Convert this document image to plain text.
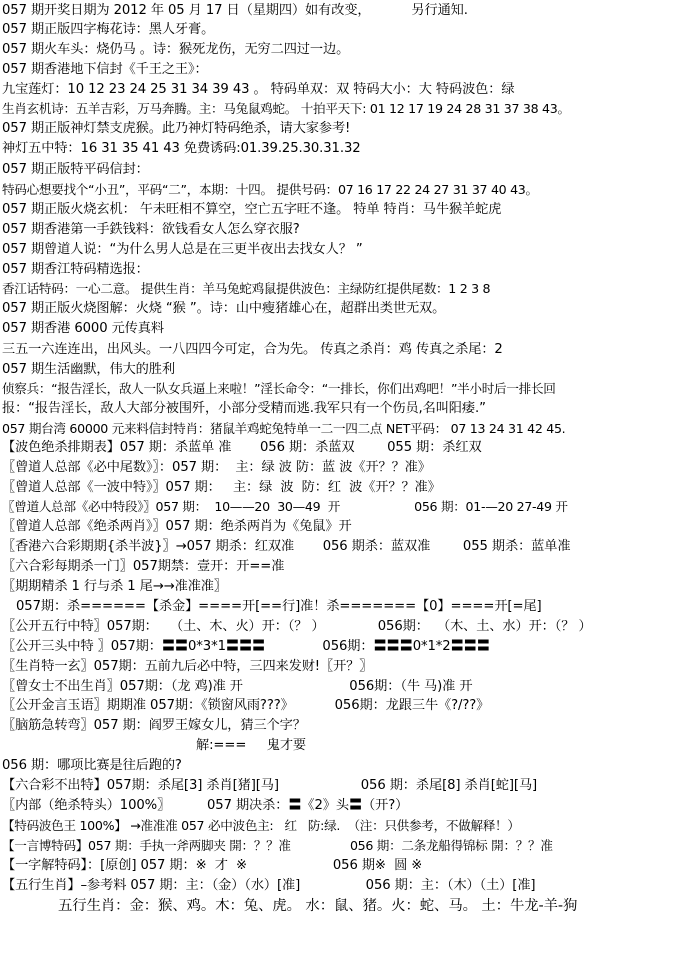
057 期开奖日期为 2012 年 05 月 17 日（星期四）如有改变，          另行通知.
057 期正版四字梅花诗：黑人牙膏。
057 期火车头：烧仍马 。诗：猴死龙伤，无穷二四过一边。
057 期香港地下信封《千王之王》：
九宝莲灯：10 12 23 24 25 31 34 39 43 。 特码单双：双 特码大小：大 特码波色：绿
生肖玄机诗：五羊吉彩，万马奔腾。主：马兔鼠鸡蛇。 十拍平天下: 01 12 17 19 24 28 31 37 38 43。
057 期正版神灯禁支虎猴。此乃神灯特码绝杀，请大家参考!
神灯五中特：16 31 35 41 43 免费诱码:01.39.25.30.31.32
057 期正版特平码信封：
特码心想要找个“小丑”，平码“二”，本期：十四。 提供号码：07 16 17 22 24 27 31 37 40 43。
057 期正版火烧玄机： 午未旺相不算空，空亡五字旺不逢。 特单 特肖：马牛猴羊蛇虎
057 期香港第一手鉄钱料：欲钱看女人怎么穿衣服?
057 期曾道人说：“为什么男人总是在三更半夜出去找女人？ ”
057 期香江特码精选报：
香江话特码：一心二意。 提供生肖：羊马兔蛇鸡鼠提供波色：主绿防红提供尾数：1 2 3 8
057 期正版火烧图解：火烧 “猴 ”。诗：山中瘦猪雄心在，超群出类世无双。
057 期香港 6000 元传真料
三五一六连连出，出风头。一八四四今可定，合为先。 传真之杀肖：鸡 传真之杀尾：2
057 期生活幽默，伟大的胜利
侦察兵：“报告淫长，敌人一队女兵逼上来啦！”淫长命令：“一排长，你们出鸡吧！”半小时后一排长回
报：“报告淫长，敌人大部分被围歼，小部分受精而逃.我军只有一个伤员,名叫阳痿.”
057 期台湾 60000 元来料信封特肖：猪鼠羊鸡蛇兔特单一二一四二点 NET平码： 07 13 24 31 42 45.
【波色绝杀排期表】057 期：杀蓝单 准       056 期：杀蓝双        055 期：杀红双
〖曾道人总部《必中尾数》〗：057 期：  主：绿 波 防：蓝 波《开？？准》
〖曾道人总部《一波中特》〗057 期：   主：绿  波  防：红  波《开？？准》
〖曾道人总部《必中特段》〗057 期：  10——20  30—49  开                    056 期：01-—20 27-49 开
〖曾道人总部《绝杀两肖》〗057 期：绝杀两肖为《兔鼠》开
〖香港六合彩期期{杀半波}〗→057 期杀：红双准       056 期杀：蓝双准        055 期杀：蓝单准
〖六合彩每期杀一门〗057期禁：壹开：开==准
〖期期精杀 1 行与杀 1 尾→→准准准〗
057期：杀======【杀金】====开[==行]准！杀=======【0】====开[=尾]
〖公开五行中特〗057期：   （土、木、火）开：（？ ）             056期：  （木、土、水）开：（？ ）
〖公开三头中特 〗057期：〓〓0*3*1〓〓〓              056期：〓〓〓0*1*2〓〓〓
〖生肖特一玄〗057期：五前九后必中特，三四来发财!〖开？〗
〖曾女士不出生肖〗057期：（龙 鸡)准 开                          056期：（牛 马)准 开
〖公开金言玉语〗期期准 057期：《锁窗风雨???》          056期：龙跟三牛《?/??》
〖脑筋急转弯〗057 期：阎罗王嫁女儿，猜三个字？
解:===     鬼才要
056 期：哪项比赛是往后跑的?
【六合彩不出特】057期：杀尾[3] 杀肖[猪][马]                    056 期：杀尾[8] 杀肖[蛇][马]
〖内部（绝杀特头）100%〗         057 期决杀：〓《2》头〓（开?）
【特码波色王 100%】 →准准准 057 必中波色主:   红   防:绿.  （注：只供参考，不做解释！）
【一言博特码】057 期：手执一斧两脚夹 開：？？准                056 期：二条龙船得锦标 開：？？准
【一字解特码】：[原创] 057 期：※  才  ※                     056 期※  圆 ※
【五行生肖】–参考料 057 期：主：（金）（水）[准]                056 期：主：（木）（土）[准]
五行生肖：金：猴、鸡。木：兔、虎。 水：鼠、猪。火：蛇、马。 土：牛龙-羊-狗
